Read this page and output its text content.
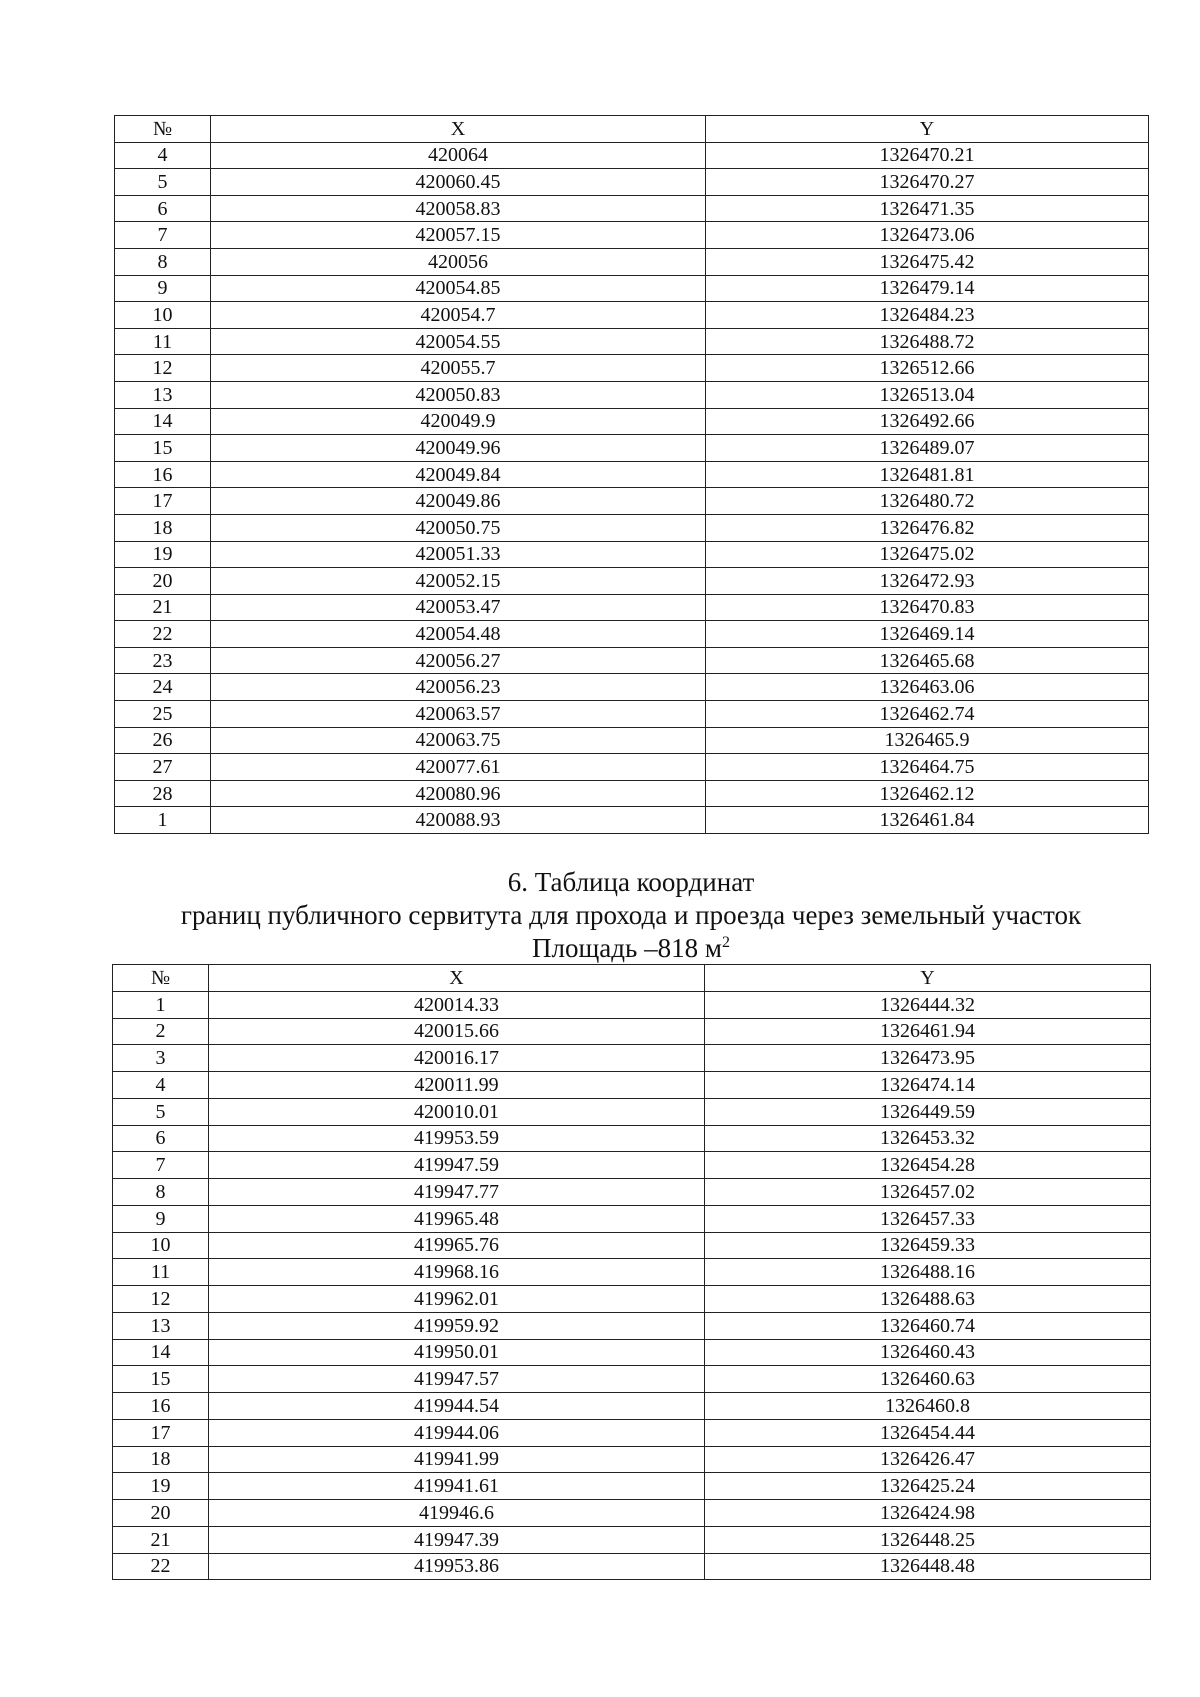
№	X	Y
4	420064	1326470.21
5	420060.45	1326470.27
6	420058.83	1326471.35
7	420057.15	1326473.06
8	420056	1326475.42
9	420054.85	1326479.14
10	420054.7	1326484.23
11	420054.55	1326488.72
12	420055.7	1326512.66
13	420050.83	1326513.04
14	420049.9	1326492.66
15	420049.96	1326489.07
16	420049.84	1326481.81
17	420049.86	1326480.72
18	420050.75	1326476.82
19	420051.33	1326475.02
20	420052.15	1326472.93
21	420053.47	1326470.83
22	420054.48	1326469.14
23	420056.27	1326465.68
24	420056.23	1326463.06
25	420063.57	1326462.74
26	420063.75	1326465.9
27	420077.61	1326464.75
28	420080.96	1326462.12
1	420088.93	1326461.84
6. Таблица координат
границ публичного сервитута для прохода и проезда через земельный участок
Площадь –818 $м^2$
№	X	Y
1	420014.33	1326444.32
2	420015.66	1326461.94
3	420016.17	1326473.95
4	420011.99	1326474.14
5	420010.01	1326449.59
6	419953.59	1326453.32
7	419947.59	1326454.28
8	419947.77	1326457.02
9	419965.48	1326457.33
10	419965.76	1326459.33
11	419968.16	1326488.16
12	419962.01	1326488.63
13	419959.92	1326460.74
14	419950.01	1326460.43
15	419947.57	1326460.63
16	419944.54	1326460.8
17	419944.06	1326454.44
18	419941.99	1326426.47
19	419941.61	1326425.24
20	419946.6	1326424.98
21	419947.39	1326448.25
22	419953.86	1326448.48
